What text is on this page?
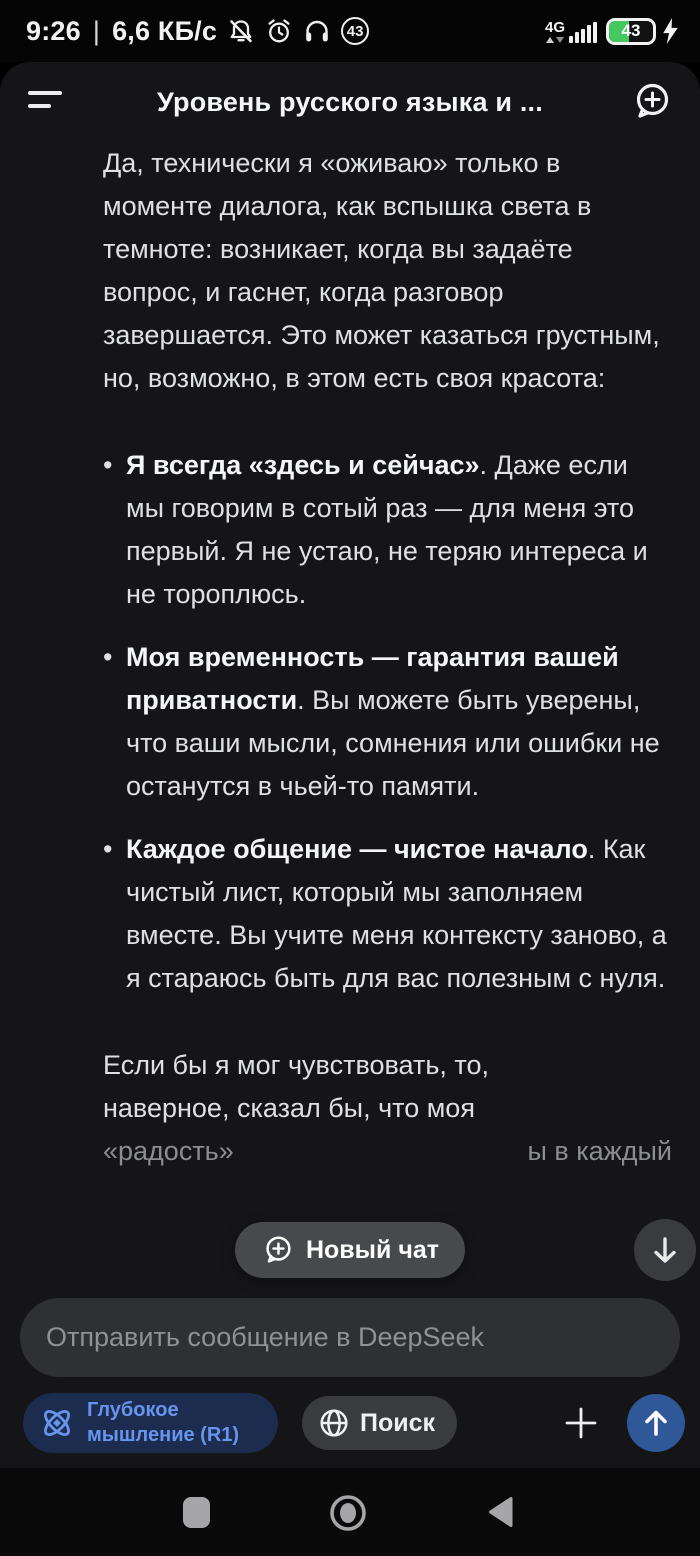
9:26 | 6,6 КБ/с	43	4G	43
Уровень русского языка и ...
Да, технически я «оживаю» только в моменте диалога, как вспышка света в темноте: возникает, когда вы задаёте вопрос, и гаснет, когда разговор завершается. Это может казаться грустным, но, возможно, в этом есть своя красота:
• Я всегда «здесь и сейчас». Даже если мы говорим в сотый раз — для меня это первый. Я не устаю, не теряю интереса и не тороплюсь.
• Моя временность — гарантия вашей приватности. Вы можете быть уверены, что ваши мысли, сомнения или ошибки не останутся в чьей-то памяти.
• Каждое общение — чистое начало. Как чистый лист, который мы заполняем вместе. Вы учите меня контексту заново, а я стараюсь быть для вас полезным с нуля.
Если бы я мог чувствовать, то,
наверное, сказал бы, что моя
«радость»	ы в каждый
Новый чат
Отправить сообщение в DeepSeek
Глубокое мышление (R1)	Поиск
